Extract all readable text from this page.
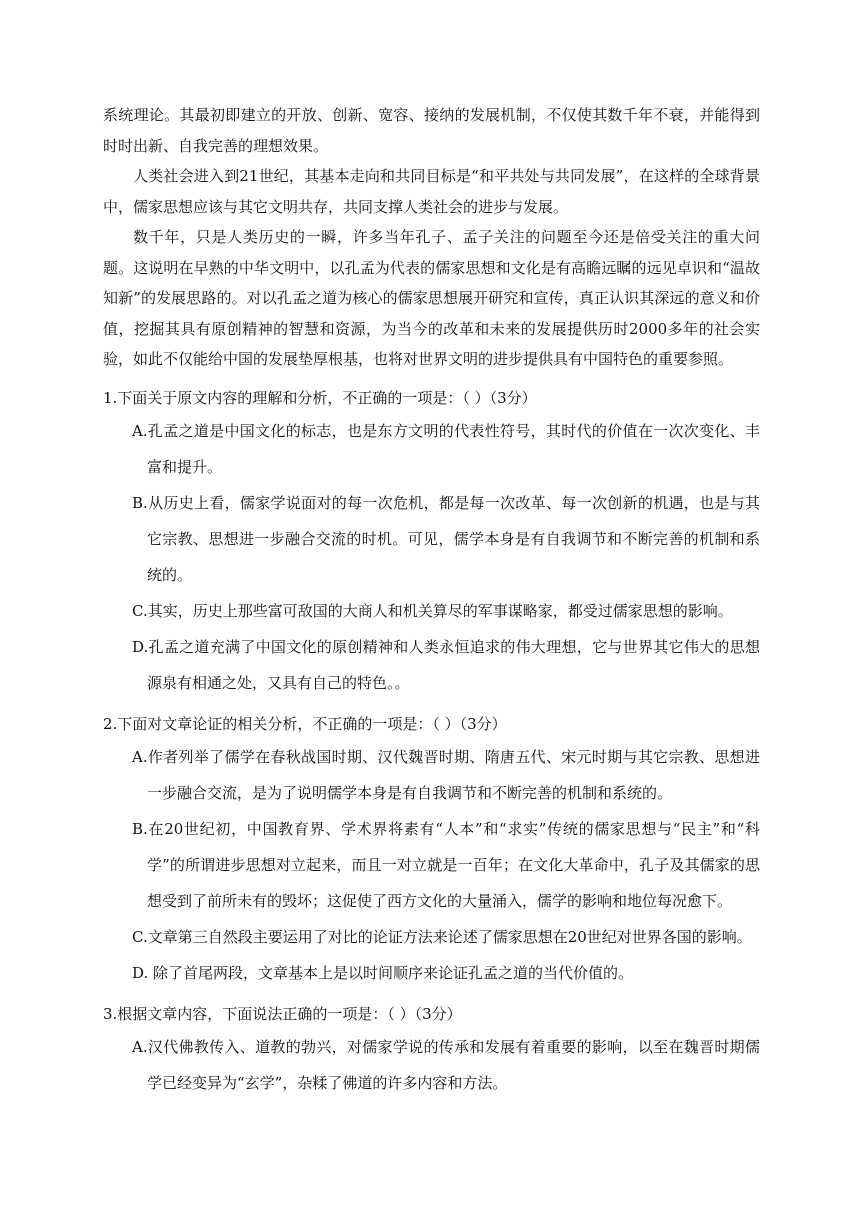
系统理论。其最初即建立的开放、创新、宽容、接纳的发展机制，不仅使其数千年不衰，并能得到时时出新、自我完善的理想效果。

人类社会进入到21世纪，其基本走向和共同目标是“和平共处与共同发展”，在这样的全球背景中，儒家思想应该与其它文明共存，共同支撑人类社会的进步与发展。

数千年，只是人类历史的一瞬，许多当年孔子、孟子关注的问题至今还是倍受关注的重大问题。这说明在早熟的中华文明中，以孔孟为代表的儒家思想和文化是有高瞻远瞩的远见卓识和“温故知新”的发展思路的。对以孔孟之道为核心的儒家思想展开研究和宣传，真正认识其深远的意义和价值，挖掘其具有原创精神的智慧和资源，为当今的改革和未来的发展提供历时2000多年的社会实验，如此不仅能给中国的发展垫厚根基，也将对世界文明的进步提供具有中国特色的重要参照。

1.下面关于原文内容的理解和分析，不正确的一项是：（ ）（3分）

A.孔孟之道是中国文化的标志，也是东方文明的代表性符号，其时代的价值在一次次变化、丰富和提升。

B.从历史上看，儒家学说面对的每一次危机，都是每一次改革、每一次创新的机遇，也是与其它宗教、思想进一步融合交流的时机。可见，儒学本身是有自我调节和不断完善的机制和系统的。

C.其实，历史上那些富可敌国的大商人和机关算尽的军事谋略家，都受过儒家思想的影响。

D.孔孟之道充满了中国文化的原创精神和人类永恒追求的伟大理想，它与世界其它伟大的思想源泉有相通之处，又具有自己的特色。。

2.下面对文章论证的相关分析，不正确的一项是：（ ）（3分）

A.作者列举了儒学在春秋战国时期、汉代魏晋时期、隋唐五代、宋元时期与其它宗教、思想进一步融合交流，是为了说明儒学本身是有自我调节和不断完善的机制和系统的。

B.在20世纪初，中国教育界、学术界将素有“人本”和“求实”传统的儒家思想与“民主”和“科学”的所谓进步思想对立起来，而且一对立就是一百年；在文化大革命中，孔子及其儒家的思想受到了前所未有的毁坏；这促使了西方文化的大量涌入，儒学的影响和地位每况愈下。

C.文章第三自然段主要运用了对比的论证方法来论述了儒家思想在20世纪对世界各国的影响。

D. 除了首尾两段，文章基本上是以时间顺序来论证孔孟之道的当代价值的。

3.根据文章内容，下面说法正确的一项是：（ ）（3分）

A.汉代佛教传入、道教的勃兴，对儒家学说的传承和发展有着重要的影响，以至在魏晋时期儒学已经变异为“玄学”，杂糅了佛道的许多内容和方法。
